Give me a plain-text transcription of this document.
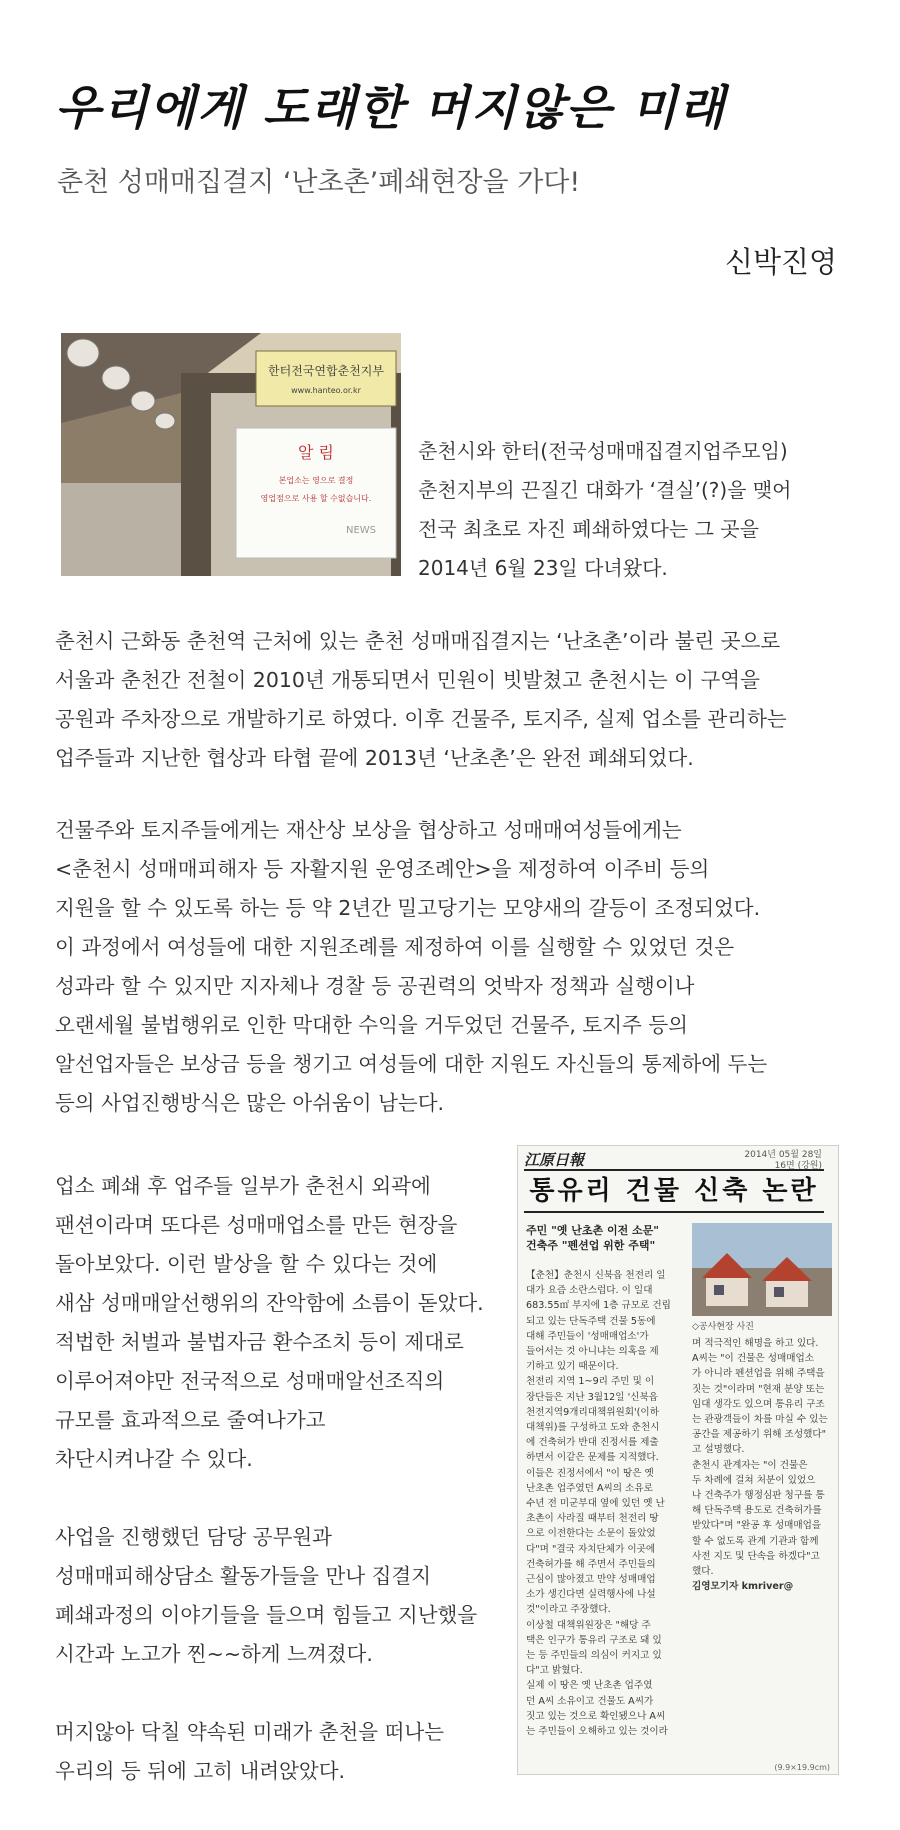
우리에게 도래한 머지않은 미래
춘천 성매매집결지 ‘난초촌’폐쇄현장을 가다!
신박진영
한터전국연합춘천지부
www.hanteo.or.kr
알 림
본업소는 영으로 결정
영업점으로 사용 할 수없습니다.
NEWS

춘천시와 한터(전국성매매집결지업주모임)

춘천지부의 끈질긴 대화가 ‘결실’(?)을 맺어

전국 최초로 자진 폐쇄하였다는 그 곳을

2014년 6월 23일 다녀왔다.

춘천시 근화동 춘천역 근처에 있는 춘천 성매매집결지는 ‘난초촌’이라 불린 곳으로

서울과 춘천간 전철이 2010년 개통되면서 민원이 빗발쳤고 춘천시는 이 구역을

공원과 주차장으로 개발하기로 하였다. 이후 건물주, 토지주, 실제 업소를 관리하는

업주들과 지난한 협상과 타협 끝에 2013년 ‘난초촌’은 완전 폐쇄되었다.

건물주와 토지주들에게는 재산상 보상을 협상하고 성매매여성들에게는

<춘천시 성매매피해자 등 자활지원 운영조례안>을 제정하여 이주비 등의

지원을 할 수 있도록 하는 등 약 2년간 밀고당기는 모양새의 갈등이 조정되었다.

이 과정에서 여성들에 대한 지원조례를 제정하여 이를 실행할 수 있었던 것은

성과라 할 수 있지만 지자체나 경찰 등 공권력의 엇박자 정책과 실행이나

오랜세월 불법행위로 인한 막대한 수익을 거두었던 건물주, 토지주 등의

알선업자들은 보상금 등을 챙기고 여성들에 대한 지원도 자신들의 통제하에 두는

등의 사업진행방식은 많은 아쉬움이 남는다.

업소 폐쇄 후 업주들 일부가 춘천시 외곽에

팬션이라며 또다른 성매매업소를 만든 현장을

돌아보았다. 이런 발상을 할 수 있다는 것에

새삼 성매매알선행위의 잔악함에 소름이 돋았다.

적법한 처벌과 불법자금 환수조치 등이 제대로

이루어져야만 전국적으로 성매매알선조직의

규모를 효과적으로 줄여나가고

차단시켜나갈 수 있다.

사업을 진행했던 담당 공무원과

성매매피해상담소 활동가들을 만나 집결지

폐쇄과정의 이야기들을 들으며 힘들고 지난했을

시간과 노고가 찐~~하게 느껴졌다.

머지않아 닥칠 약속된 미래가 춘천을 떠나는

우리의 등 뒤에 고히 내려앉았다.

江原日報	2014년 05월 28일
16면 (강원)
통유리 건물 신축 논란

주민 "옛 난초촌 이전 소문"

건축주 "펜션업 위한 주택"

◇공사현장 사진

【춘천】춘천시 신북읍 천전리 일

대가 요즘 소란스럽다. 이 일대

683.55㎡ 부지에 1층 규모로 건립

되고 있는 단독주택 건물 5동에

대해 주민들이 '성매매업소'가

들어서는 것 아니냐는 의혹을 제

기하고 있기 때문이다.

천전리 지역 1~9리 주민 및 이

장단들은 지난 3월12일 '신북읍

천전지역9개리대책위원회'(이하

대책위)를 구성하고 도와 춘천시

에 건축허가 반대 진정서를 제출

하면서 이같은 문제를 지적했다.

이들은 진정서에서 "이 땅은 옛

난초촌 업주였던 A씨의 소유로

수년 전 미군부대 옆에 있던 옛 난

초촌이 사라질 때부터 천전리 땅

으로 이전한다는 소문이 돌았었

다"며 "결국 자치단체가 이곳에

건축허가를 해 주면서 주민들의

근심이 많아졌고 만약 성매매업

소가 생긴다면 실력행사에 나설

것"이라고 주장했다.

이상철 대책위원장은 "해당 주

택은 인구가 통유리 구조로 돼 있

는 등 주민들의 의심이 커지고 있

다"고 밝혔다.

실제 이 땅은 옛 난초촌 업주였

던 A씨 소유이고 건물도 A씨가

짓고 있는 것으로 확인됐으나 A씨

는 주민들이 오해하고 있는 것이라

며 적극적인 해명을 하고 있다.

A씨는 "이 건물은 성매매업소

가 아니라 펜션업을 위해 주택을

짓는 것"이라며 "현재 분양 또는

임대 생각도 있으며 통유리 구조

는 관광객들이 차를 마실 수 있는

공간을 제공하기 위해 조성했다"

고 설명했다.

춘천시 관계자는 "이 건물은

두 차례에 걸쳐 처분이 있었으

나 건축주가 행정심판 청구를 통

해 단독주택 용도로 건축허가를

받았다"며 "완공 후 성매매업을

할 수 없도록 관계 기관과 함께

사전 지도 및 단속을 하겠다"고

했다.

김영모기자 kmriver@

(9.9×19.9cm)
